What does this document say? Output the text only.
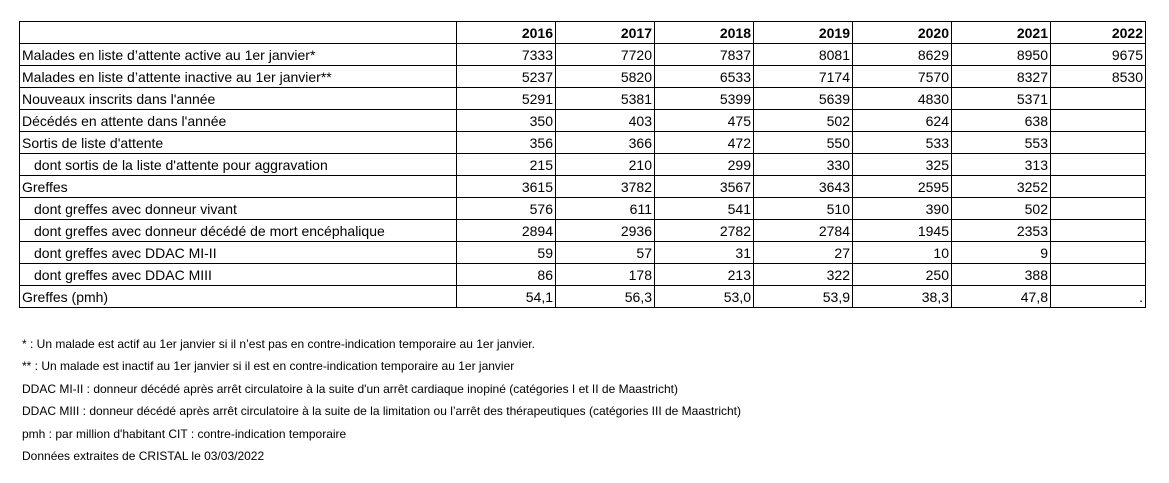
	2016	2017	2018	2019	2020	2021	2022
Malades en liste d’attente active au 1er janvier*	7333	7720	7837	8081	8629	8950	9675
Malades en liste d’attente inactive au 1er janvier**	5237	5820	6533	7174	7570	8327	8530
Nouveaux inscrits dans l'année	5291	5381	5399	5639	4830	5371	
Décédés en attente dans l'année	350	403	475	502	624	638	
Sortis de liste d'attente	356	366	472	550	533	553	
dont sortis de la liste d'attente pour aggravation	215	210	299	330	325	313	
Greffes	3615	3782	3567	3643	2595	3252	
dont greffes avec donneur vivant	576	611	541	510	390	502	
dont greffes avec donneur décédé de mort encéphalique	2894	2936	2782	2784	1945	2353	
dont greffes avec DDAC MI-II	59	57	31	27	10	9	
dont greffes avec DDAC MIII	86	178	213	322	250	388	
Greffes (pmh)	54,1	56,3	53,0	53,9	38,3	47,8	.
* : Un malade est actif au 1er janvier si il n’est pas en contre-indication temporaire au 1er janvier.
** : Un malade est inactif au 1er janvier si il est en contre-indication temporaire au 1er janvier
DDAC MI-II : donneur décédé après arrêt circulatoire à la suite d'un arrêt cardiaque inopiné (catégories I et II de Maastricht)
DDAC MIII : donneur décédé après arrêt circulatoire à la suite de la limitation ou l’arrêt des thérapeutiques (catégories III de Maastricht)
pmh : par million d'habitant CIT : contre-indication temporaire
Données extraites de CRISTAL le 03/03/2022
